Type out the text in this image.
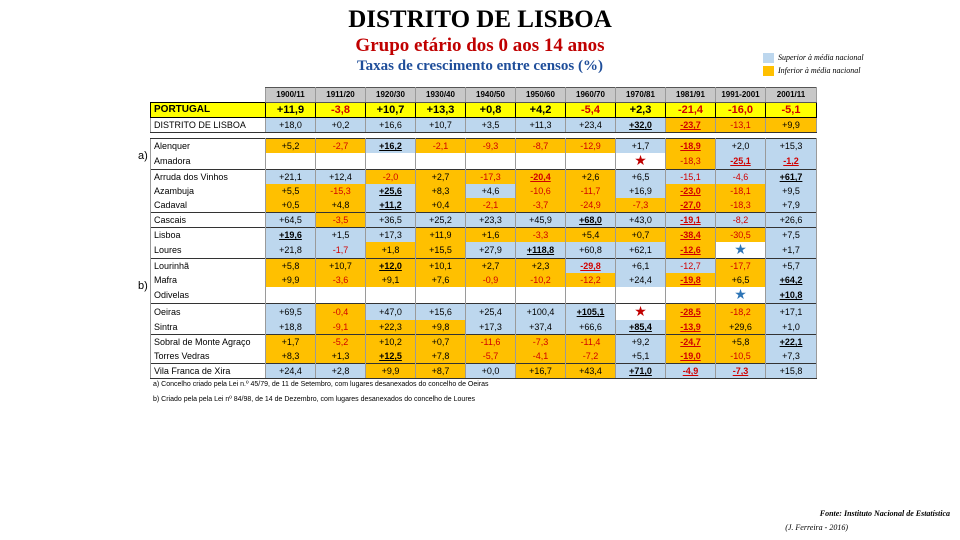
DISTRITO DE LISBOA
Grupo etário dos 0 aos 14 anos
Taxas de crescimento entre censos (%)
Superior à média nacional
Inferior à média nacional
	1900/11	1911/20	1920/30	1930/40	1940/50	1950/60	1960/70	1970/81	1981/91	1991-2001	2001/11
PORTUGAL	+11,9	-3,8	+10,7	+13,3	+0,8	+4,2	-5,4	+2,3	-21,4	-16,0	-5,1
DISTRITO DE LISBOA	+18,0	+0,2	+16,6	+10,7	+3,5	+11,3	+23,4	+32,0	-23,7	-13,1	+9,9

Alenquer	+5,2	-2,7	+16,2	-2,1	-9,3	-8,7	-12,9	+1,7	-18,9	+2,0	+15,3
Amadora								★	-18,3	-25,1	-1,2
Arruda dos Vinhos	+21,1	+12,4	-2,0	+2,7	-17,3	-20,4	+2,6	+6,5	-15,1	-4,6	+61,7
Azambuja	+5,5	-15,3	+25,6	+8,3	+4,6	-10,6	-11,7	+16,9	-23,0	-18,1	+9,5
Cadaval	+0,5	+4,8	+11,2	+0,4	-2,1	-3,7	-24,9	-7,3	-27,0	-18,3	+7,9
Cascais	+64,5	-3,5	+36,5	+25,2	+23,3	+45,9	+68,0	+43,0	-19,1	-8,2	+26,6
Lisboa	+19,6	+1,5	+17,3	+11,9	+1,6	-3,3	+5,4	+0,7	-38,4	-30,5	+7,5
Loures	+21,8	-1,7	+1,8	+15,5	+27,9	+118,8	+60,8	+62,1	-12,6	★	+1,7
Lourinhã	+5,8	+10,7	+12,0	+10,1	+2,7	+2,3	-29,8	+6,1	-12,7	-17,7	+5,7
Mafra	+9,9	-3,6	+9,1	+7,6	-0,9	-10,2	-12,2	+24,4	-19,8	+6,5	+64,2
Odivelas										★	+10,8
Oeiras	+69,5	-0,4	+47,0	+15,6	+25,4	+100,4	+105,1	★	-28,5	-18,2	+17,1
Sintra	+18,8	-9,1	+22,3	+9,8	+17,3	+37,4	+66,6	+85,4	-13,9	+29,6	+1,0
Sobral de Monte Agraço	+1,7	-5,2	+10,2	+0,7	-11,6	-7,3	-11,4	+9,2	-24,7	+5,8	+22,1
Torres Vedras	+8,3	+1,3	+12,5	+7,8	-5,7	-4,1	-7,2	+5,1	-19,0	-10,5	+7,3
Vila Franca de Xira	+24,4	+2,8	+9,9	+8,7	+0,0	+16,7	+43,4	+71,0	-4,9	-7,3	+15,8
a)
b)
a) Concelho criado pela Lei n.º 45/79, de 11 de Setembro, com lugares desanexados do concelho de Oeiras
b) Criado pela pela Lei nº 84/98, de 14 de Dezembro, com lugares desanexados do concelho de Loures
Fonte: Instituto Nacional de Estatística
(J. Ferreira - 2016)
